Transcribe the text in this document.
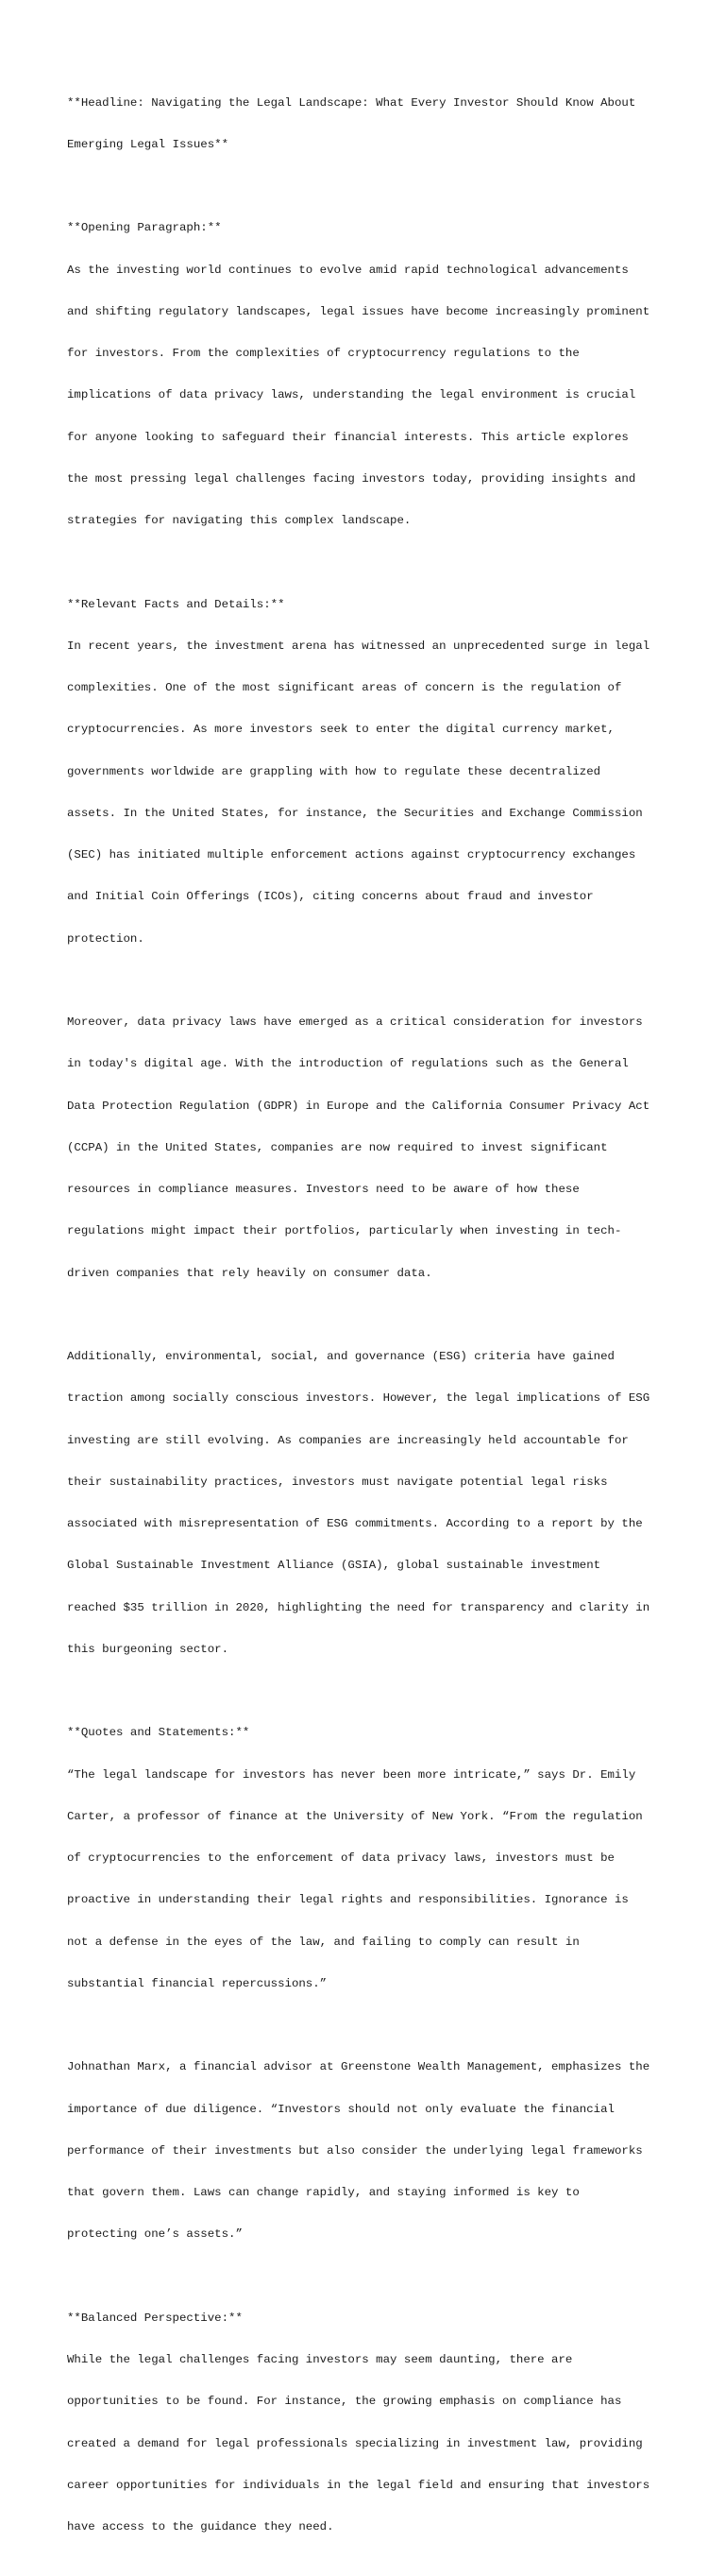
**Headline: Navigating the Legal Landscape: What Every Investor Should Know About

Emerging Legal Issues**

**Opening Paragraph:**

As the investing world continues to evolve amid rapid technological advancements

and shifting regulatory landscapes, legal issues have become increasingly prominent

for investors. From the complexities of cryptocurrency regulations to the

implications of data privacy laws, understanding the legal environment is crucial

for anyone looking to safeguard their financial interests. This article explores

the most pressing legal challenges facing investors today, providing insights and

strategies for navigating this complex landscape.

**Relevant Facts and Details:**

In recent years, the investment arena has witnessed an unprecedented surge in legal

complexities. One of the most significant areas of concern is the regulation of

cryptocurrencies. As more investors seek to enter the digital currency market,

governments worldwide are grappling with how to regulate these decentralized

assets. In the United States, for instance, the Securities and Exchange Commission

(SEC) has initiated multiple enforcement actions against cryptocurrency exchanges

and Initial Coin Offerings (ICOs), citing concerns about fraud and investor

protection.

Moreover, data privacy laws have emerged as a critical consideration for investors

in today's digital age. With the introduction of regulations such as the General

Data Protection Regulation (GDPR) in Europe and the California Consumer Privacy Act

(CCPA) in the United States, companies are now required to invest significant

resources in compliance measures. Investors need to be aware of how these

regulations might impact their portfolios, particularly when investing in tech-

driven companies that rely heavily on consumer data.

Additionally, environmental, social, and governance (ESG) criteria have gained

traction among socially conscious investors. However, the legal implications of ESG

investing are still evolving. As companies are increasingly held accountable for

their sustainability practices, investors must navigate potential legal risks

associated with misrepresentation of ESG commitments. According to a report by the

Global Sustainable Investment Alliance (GSIA), global sustainable investment

reached $35 trillion in 2020, highlighting the need for transparency and clarity in

this burgeoning sector.

**Quotes and Statements:**

“The legal landscape for investors has never been more intricate,” says Dr. Emily

Carter, a professor of finance at the University of New York. “From the regulation

of cryptocurrencies to the enforcement of data privacy laws, investors must be

proactive in understanding their legal rights and responsibilities. Ignorance is

not a defense in the eyes of the law, and failing to comply can result in

substantial financial repercussions.”

Johnathan Marx, a financial advisor at Greenstone Wealth Management, emphasizes the

importance of due diligence. “Investors should not only evaluate the financial

performance of their investments but also consider the underlying legal frameworks

that govern them. Laws can change rapidly, and staying informed is key to

protecting one’s assets.”

**Balanced Perspective:**

While the legal challenges facing investors may seem daunting, there are

opportunities to be found. For instance, the growing emphasis on compliance has

created a demand for legal professionals specializing in investment law, providing

career opportunities for individuals in the legal field and ensuring that investors

have access to the guidance they need.
